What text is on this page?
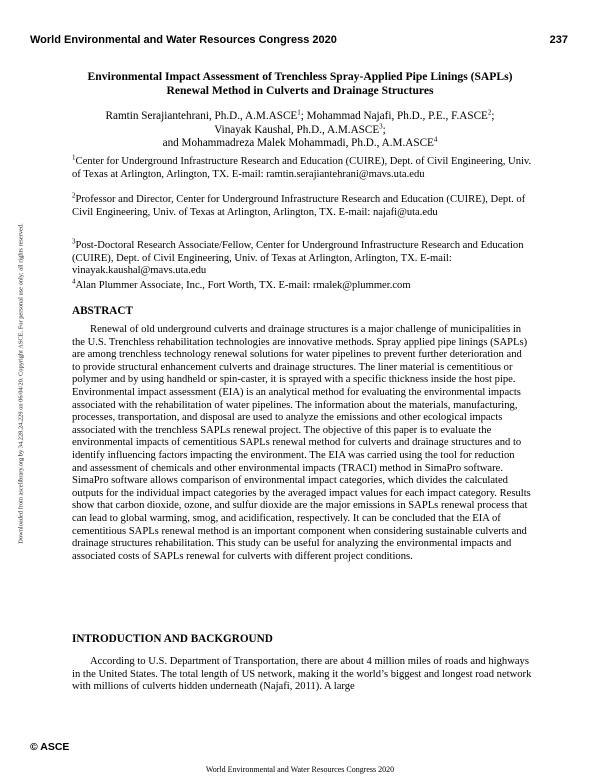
World Environmental and Water Resources Congress 2020	237
Downloaded from ascelibrary.org by 34.228.24.229 on 06/04/20. Copyright ASCE. For personal use only; all rights reserved.
Environmental Impact Assessment of Trenchless Spray-Applied Pipe Linings (SAPLs)
Renewal Method in Culverts and Drainage Structures
Ramtin Serajiantehrani, Ph.D., A.M.ASCE$^1$; Mohammad Najafi, Ph.D., P.E., F.ASCE$^2$;
Vinayak Kaushal, Ph.D., A.M.ASCE$^3$;
and Mohammadreza Malek Mohammadi, Ph.D., A.M.ASCE$^4$
$^1$Center for Underground Infrastructure Research and Education (CUIRE), Dept. of Civil Engineering, Univ. of Texas at Arlington, Arlington, TX. E-mail: ramtin.serajiantehrani@mavs.uta.edu
$^2$Professor and Director, Center for Underground Infrastructure Research and Education (CUIRE), Dept. of Civil Engineering, Univ. of Texas at Arlington, Arlington, TX. E-mail: najafi@uta.edu
$^3$Post-Doctoral Research Associate/Fellow, Center for Underground Infrastructure Research and Education (CUIRE), Dept. of Civil Engineering, Univ. of Texas at Arlington, Arlington, TX. E-mail: vinayak.kaushal@mavs.uta.edu
$^4$Alan Plummer Associate, Inc., Fort Worth, TX. E-mail: rmalek@plummer.com
ABSTRACT
Renewal of old underground culverts and drainage structures is a major challenge of municipalities in the U.S. Trenchless rehabilitation technologies are innovative methods. Spray applied pipe linings (SAPLs) are among trenchless technology renewal solutions for water pipelines to prevent further deterioration and to provide structural enhancement culverts and drainage structures. The liner material is cementitious or polymer and by using handheld or spin-caster, it is sprayed with a specific thickness inside the host pipe. Environmental impact assessment (EIA) is an analytical method for evaluating the environmental impacts associated with the rehabilitation of water pipelines. The information about the materials, manufacturing, processes, transportation, and disposal are used to analyze the emissions and other ecological impacts associated with the trenchless SAPLs renewal project. The objective of this paper is to evaluate the environmental impacts of cementitious SAPLs renewal method for culverts and drainage structures and to identify influencing factors impacting the environment. The EIA was carried using the tool for reduction and assessment of chemicals and other environmental impacts (TRACI) method in SimaPro software. SimaPro software allows comparison of environmental impact categories, which divides the calculated outputs for the individual impact categories by the averaged impact values for each impact category. Results show that carbon dioxide, ozone, and sulfur dioxide are the major emissions in SAPLs renewal process that can lead to global warming, smog, and acidification, respectively. It can be concluded that the EIA of cementitious SAPLs renewal method is an important component when considering sustainable culverts and drainage structures rehabilitation. This study can be useful for analyzing the environmental impacts and associated costs of SAPLs renewal for culverts with different project conditions.
INTRODUCTION AND BACKGROUND
According to U.S. Department of Transportation, there are about 4 million miles of roads and highways in the United States. The total length of US network, making it the world’s biggest and longest road network with millions of culverts hidden underneath (Najafi, 2011). A large
© ASCE
World Environmental and Water Resources Congress 2020
